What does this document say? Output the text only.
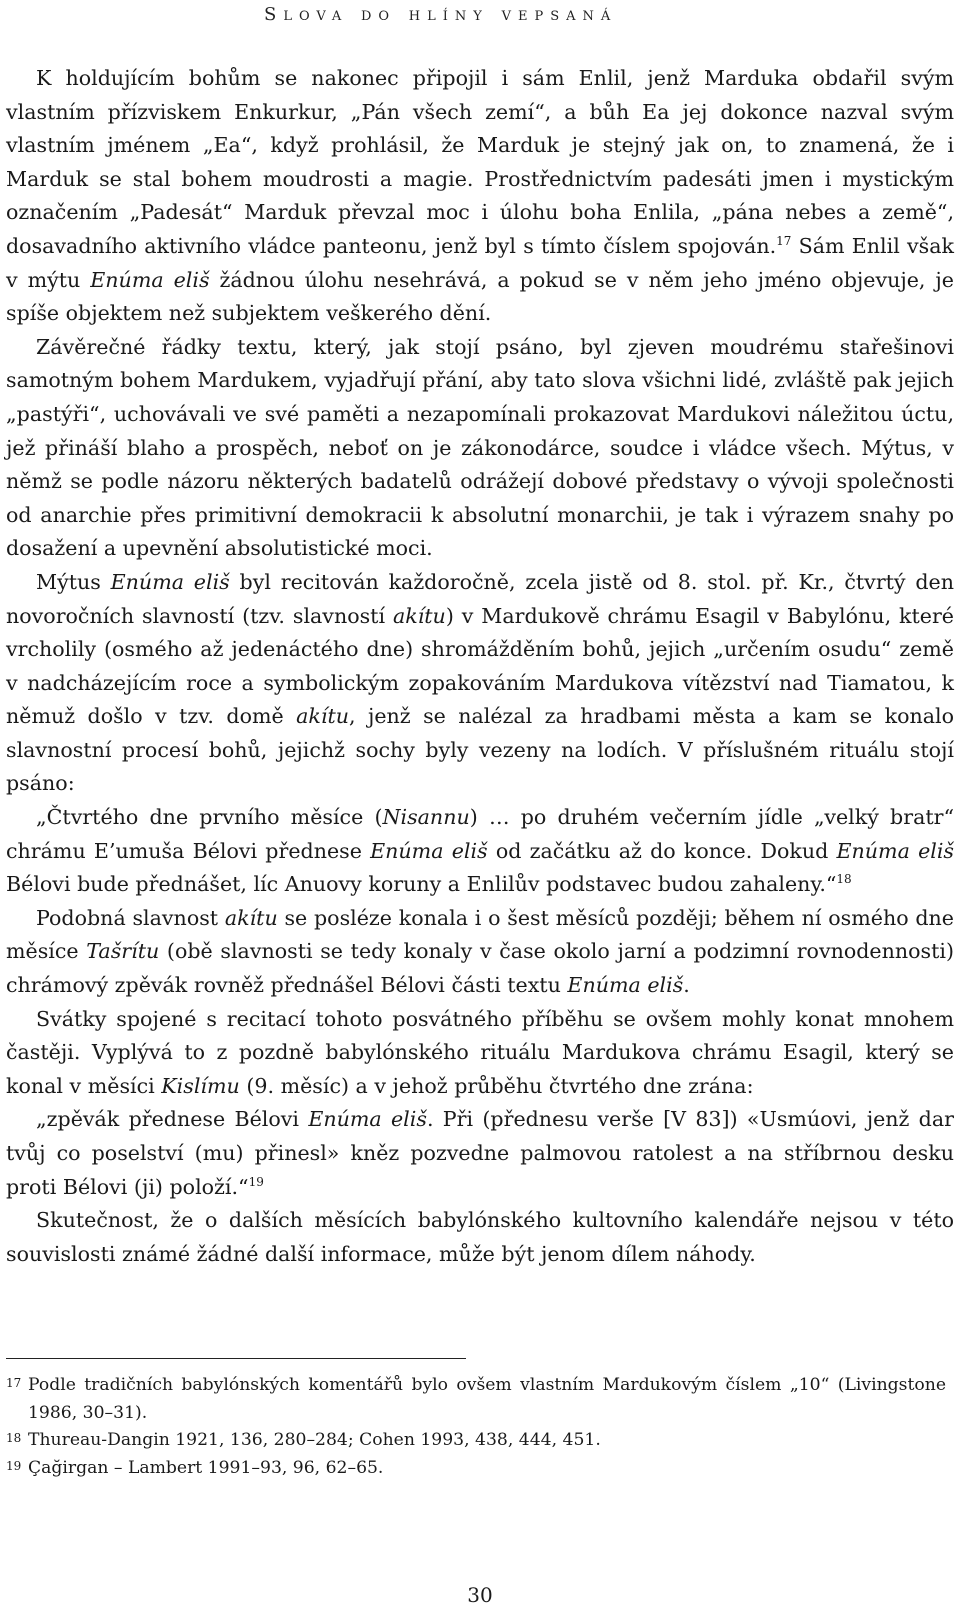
Slova do hlíny vepsaná

K holdujícím bohům se nakonec připojil i sám Enlil, jenž Marduka obdařil svým vlastním přízviskem Enkurkur, „Pán všech zemí“, a bůh Ea jej dokonce nazval svým vlastním jménem „Ea“, když prohlásil, že Marduk je stejný jak on, to znamená, že i Marduk se stal bohem moudrosti a magie. Prostřednictvím padesáti jmen i mystickým označením „Padesát“ Marduk převzal moc i úlohu boha Enlila, „pána nebes a země“, dosavadního aktivního vládce panteonu, jenž byl s tímto číslem spojován.$^{17}$ Sám Enlil však v mýtu Enúma eliš žádnou úlohu nesehrává, a pokud se v něm jeho jméno objevuje, je spíše objektem než subjektem veškerého dění.

Závěrečné řádky textu, který, jak stojí psáno, byl zjeven moudrému stařešinovi samotným bohem Mardukem, vyjadřují přání, aby tato slova všichni lidé, zvláště pak jejich „pastýři“, uchovávali ve své paměti a nezapomínali prokazovat Mardukovi náležitou úctu, jež přináší blaho a prospěch, neboť on je zákonodárce, soudce i vládce všech. Mýtus, v němž se podle názoru některých badatelů odrážejí dobové představy o vývoji společnosti od anarchie přes primitivní demokracii k absolutní monarchii, je tak i výrazem snahy po dosažení a upevnění absolutistické moci.

Mýtus Enúma eliš byl recitován každoročně, zcela jistě od 8. stol. př. Kr., čtvrtý den novoročních slavností (tzv. slavností akítu) v Mardukově chrámu Esagil v Babylónu, které vrcholily (osmého až jedenáctého dne) shromážděním bohů, jejich „určením osudu“ země v nadcházejícím roce a symbolickým zopakováním Mardukova vítězství nad Tiamatou, k němuž došlo v tzv. domě akítu, jenž se nalézal za hradbami města a kam se konalo slavnostní procesí bohů, jejichž sochy byly vezeny na lodích. V příslušném rituálu stojí psáno:

„Čtvrtého dne prvního měsíce (Nisannu) … po druhém večerním jídle „velký bratr“ chrámu E’umuša Bélovi přednese Enúma eliš od začátku až do konce. Dokud Enúma eliš Bélovi bude přednášet, líc Anuovy koruny a Enlilův podstavec budou zahaleny.“$^{18}$

Podobná slavnost akítu se posléze konala i o šest měsíců později; během ní osmého dne měsíce Tašrítu (obě slavnosti se tedy konaly v čase okolo jarní a podzimní rovnodennosti) chrámový zpěvák rovněž přednášel Bélovi části textu Enúma eliš.

Svátky spojené s recitací tohoto posvátného příběhu se ovšem mohly konat mnohem častěji. Vyplývá to z pozdně babylónského rituálu Mardukova chrámu Esagil, který se konal v měsíci Kislímu (9. měsíc) a v jehož průběhu čtvrtého dne zrána:

„zpěvák přednese Bélovi Enúma eliš. Při (přednesu verše [V 83]) «Usmúovi, jenž dar tvůj co poselství (mu) přinesl» kněz pozvedne palmovou ratolest a na stříbrnou desku proti Bélovi (ji) položí.“$^{19}$

Skutečnost, že o dalších měsících babylónského kultovního kalendáře nejsou v této souvislosti známé žádné další informace, může být jenom dílem náhody.

17 Podle tradičních babylónských komentářů bylo ovšem vlastním Mardukovým číslem „10“ (Livingstone 1986, 30–31).

18 Thureau-Dangin 1921, 136, 280–284; Cohen 1993, 438, 444, 451.

19 Çağirgan – Lambert 1991–93, 96, 62–65.

30
